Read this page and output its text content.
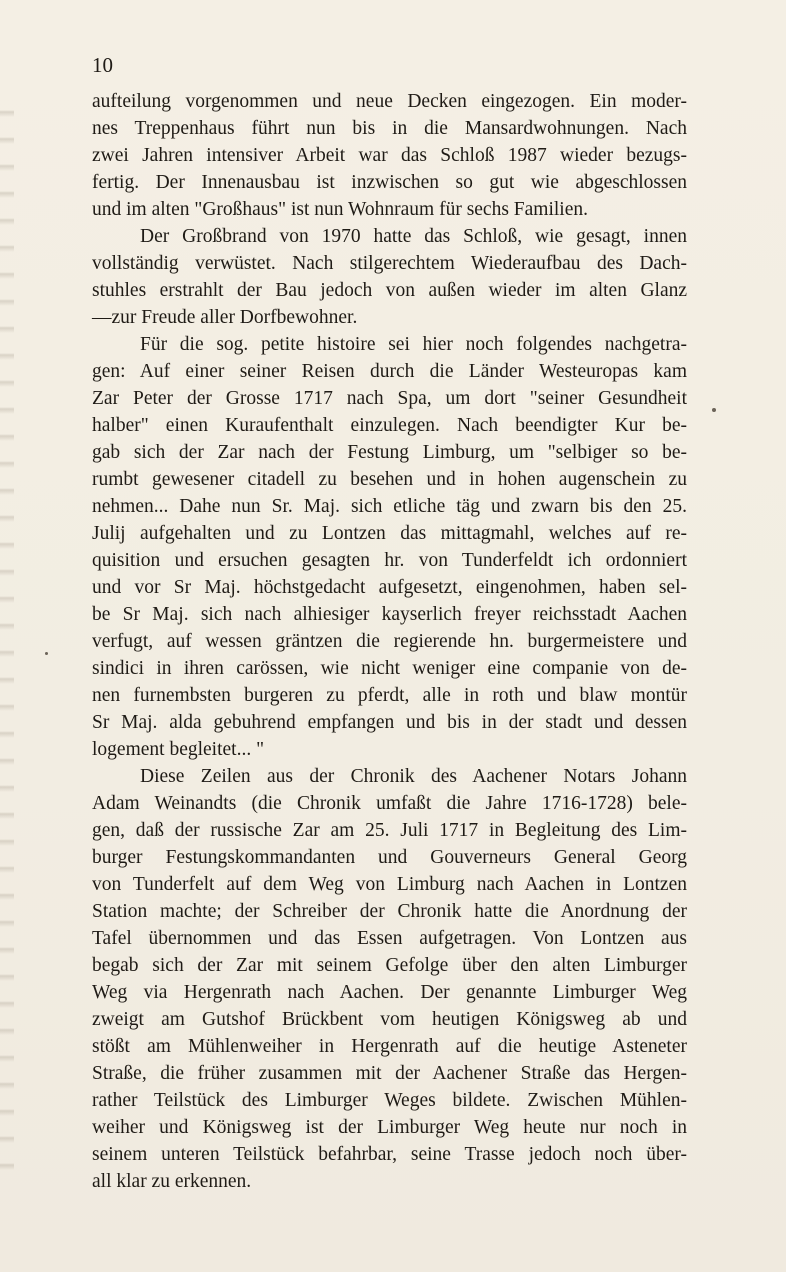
10
aufteilung vorgenommen und neue Decken eingezogen. Ein moder-
nes Treppenhaus führt nun bis in die Mansardwohnungen. Nach
zwei Jahren intensiver Arbeit war das Schloß 1987 wieder bezugs-
fertig. Der Innenausbau ist inzwischen so gut wie abgeschlossen
und im alten "Großhaus" ist nun Wohnraum für sechs Familien.
Der Großbrand von 1970 hatte das Schloß, wie gesagt, innen
vollständig verwüstet. Nach stilgerechtem Wiederaufbau des Dach-
stuhles erstrahlt der Bau jedoch von außen wieder im alten Glanz
—zur Freude aller Dorfbewohner.
Für die sog. petite histoire sei hier noch folgendes nachgetra-
gen: Auf einer seiner Reisen durch die Länder Westeuropas kam
Zar Peter der Grosse 1717 nach Spa, um dort "seiner Gesundheit
halber" einen Kuraufenthalt einzulegen. Nach beendigter Kur be-
gab sich der Zar nach der Festung Limburg, um "selbiger so be-
rumbt gewesener citadell zu besehen und in hohen augenschein zu
nehmen... Dahe nun Sr. Maj. sich etliche täg und zwarn bis den 25.
Julij aufgehalten und zu Lontzen das mittagmahl, welches auf re-
quisition und ersuchen gesagten hr. von Tunderfeldt ich ordonniert
und vor Sr Maj. höchstgedacht aufgesetzt, eingenohmen, haben sel-
be Sr Maj. sich nach alhiesiger kayserlich freyer reichsstadt Aachen
verfugt, auf wessen gräntzen die regierende hn. burgermeistere und
sindici in ihren carössen, wie nicht weniger eine companie von de-
nen furnembsten burgeren zu pferdt, alle in roth und blaw montür
Sr Maj. alda gebuhrend empfangen und bis in der stadt und dessen
logement begleitet... "
Diese Zeilen aus der Chronik des Aachener Notars Johann
Adam Weinandts (die Chronik umfaßt die Jahre 1716-1728) bele-
gen, daß der russische Zar am 25. Juli 1717 in Begleitung des Lim-
burger Festungskommandanten und Gouverneurs General Georg
von Tunderfelt auf dem Weg von Limburg nach Aachen in Lontzen
Station machte; der Schreiber der Chronik hatte die Anordnung der
Tafel übernommen und das Essen aufgetragen. Von Lontzen aus
begab sich der Zar mit seinem Gefolge über den alten Limburger
Weg via Hergenrath nach Aachen. Der genannte Limburger Weg
zweigt am Gutshof Brückbent vom heutigen Königsweg ab und
stößt am Mühlenweiher in Hergenrath auf die heutige Asteneter
Straße, die früher zusammen mit der Aachener Straße das Hergen-
rather Teilstück des Limburger Weges bildete. Zwischen Mühlen-
weiher und Königsweg ist der Limburger Weg heute nur noch in
seinem unteren Teilstück befahrbar, seine Trasse jedoch noch über-
all klar zu erkennen.
